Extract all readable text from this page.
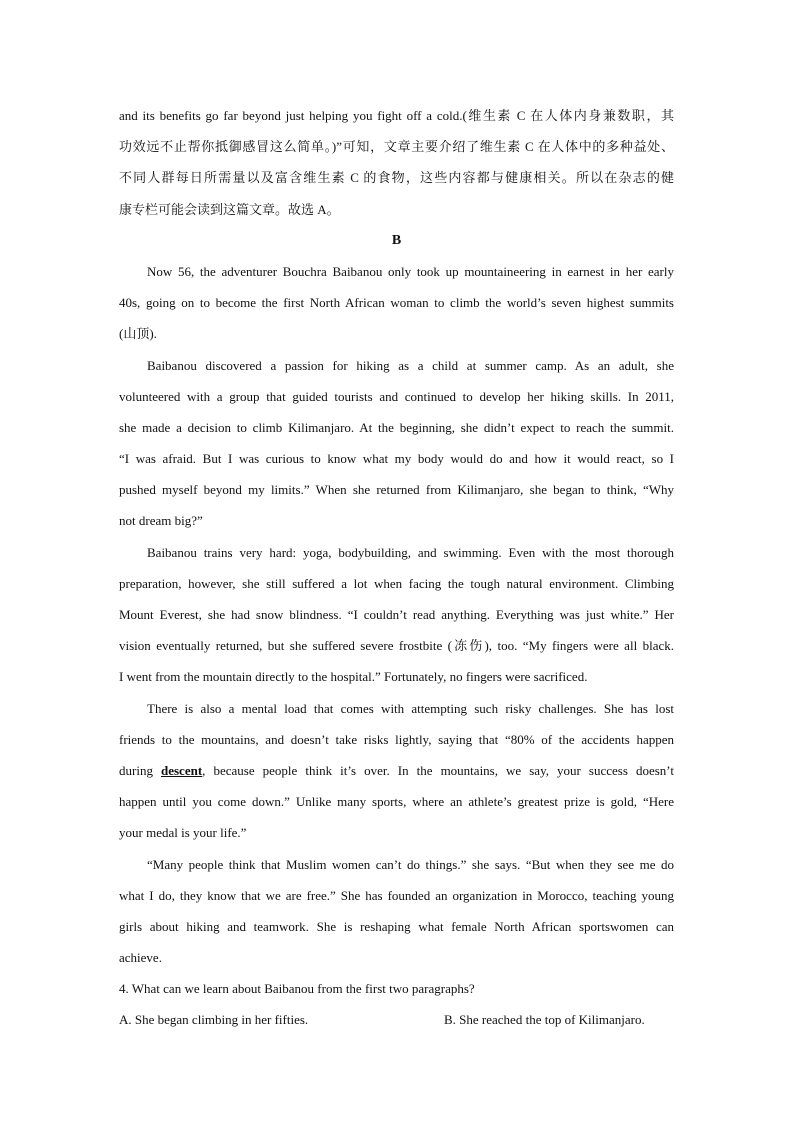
and its benefits go far beyond just helping you fight off a cold.(维生素 C 在人体内身兼数职，其
功效远不止帮你抵御感冒这么简单。)”可知，文章主要介绍了维生素 C 在人体中的多种益处、
不同人群每日所需量以及富含维生素 C 的食物，这些内容都与健康相关。所以在杂志的健
康专栏可能会读到这篇文章。故选 A。
B
Now 56, the adventurer Bouchra Baibanou only took up mountaineering in earnest in her early
40s, going on to become the first North African woman to climb the world’s seven highest summits
(山顶).
Baibanou discovered a passion for hiking as a child at summer camp. As an adult, she
volunteered with a group that guided tourists and continued to develop her hiking skills. In 2011,
she made a decision to climb Kilimanjaro. At the beginning, she didn’t expect to reach the summit.
“I was afraid. But I was curious to know what my body would do and how it would react, so I
pushed myself beyond my limits.” When she returned from Kilimanjaro, she began to think, “Why
not dream big?”
Baibanou trains very hard: yoga, bodybuilding, and swimming. Even with the most thorough
preparation, however, she still suffered a lot when facing the tough natural environment. Climbing
Mount Everest, she had snow blindness. “I couldn’t read anything. Everything was just white.” Her
vision eventually returned, but she suffered severe frostbite (冻伤), too. “My fingers were all black.
I went from the mountain directly to the hospital.” Fortunately, no fingers were sacrificed.
There is also a mental load that comes with attempting such risky challenges. She has lost
friends to the mountains, and doesn’t take risks lightly, saying that “80% of the accidents happen
during descent, because people think it’s over. In the mountains, we say, your success doesn’t
happen until you come down.” Unlike many sports, where an athlete’s greatest prize is gold, “Here
your medal is your life.”
“Many people think that Muslim women can’t do things.” she says. “But when they see me do
what I do, they know that we are free.” She has founded an organization in Morocco, teaching young
girls about hiking and teamwork. She is reshaping what female North African sportswomen can
achieve.
4. What can we learn about Baibanou from the first two paragraphs?
A. She began climbing in her fifties.	B. She reached the top of Kilimanjaro.
